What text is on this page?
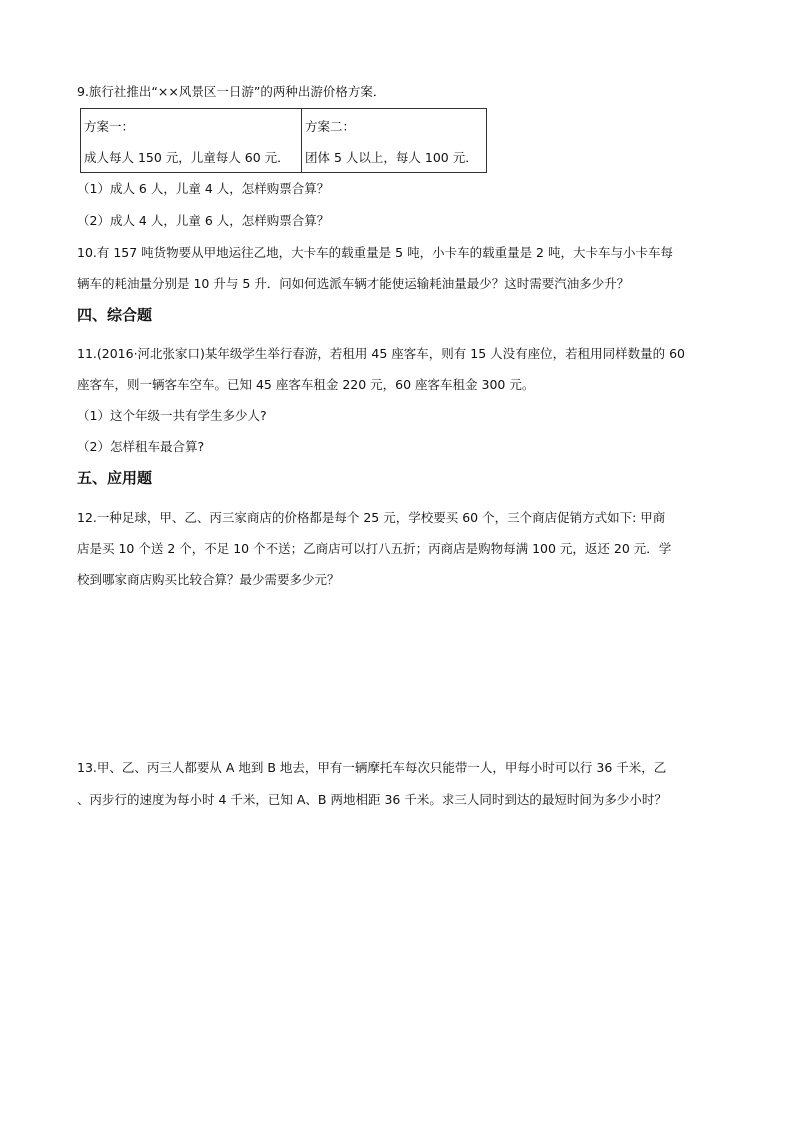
9.旅行社推出“××风景区一日游”的两种出游价格方案．
方案一：
成人每人 150 元，儿童每人 60 元．

方案二：
团体 5 人以上，每人 100 元．
（1）成人 6 人，儿童 4 人，怎样购票合算？
（2）成人 4 人，儿童 6 人，怎样购票合算？
10.有 157 吨货物要从甲地运往乙地，大卡车的载重量是 5 吨，小卡车的载重量是 2 吨，大卡车与小卡车每
辆车的耗油量分别是 10 升与 5 升．问如何选派车辆才能使运输耗油量最少？这时需要汽油多少升？
四、综合题
11.(2016·河北张家口)某年级学生举行春游，若租用 45 座客车，则有 15 人没有座位，若租用同样数量的 60
座客车，则一辆客车空车。已知 45 座客车租金 220 元，60 座客车租金 300 元。
（1）这个年级一共有学生多少人?
（2）怎样租车最合算?
五、应用题
12.一种足球，甲、乙、丙三家商店的价格都是每个 25 元，学校要买 60 个，三个商店促销方式如下: 甲商
店是买 10 个送 2 个，不足 10 个不送；乙商店可以打八五折；丙商店是购物每满 100 元，返还 20 元．学
校到哪家商店购买比较合算？最少需要多少元？
13.甲、乙、丙三人都要从 A 地到 B 地去，甲有一辆摩托车每次只能带一人，甲每小时可以行 36 千米，乙
、丙步行的速度为每小时 4 千米，已知 A、B 两地相距 36 千米。求三人同时到达的最短时间为多少小时？
